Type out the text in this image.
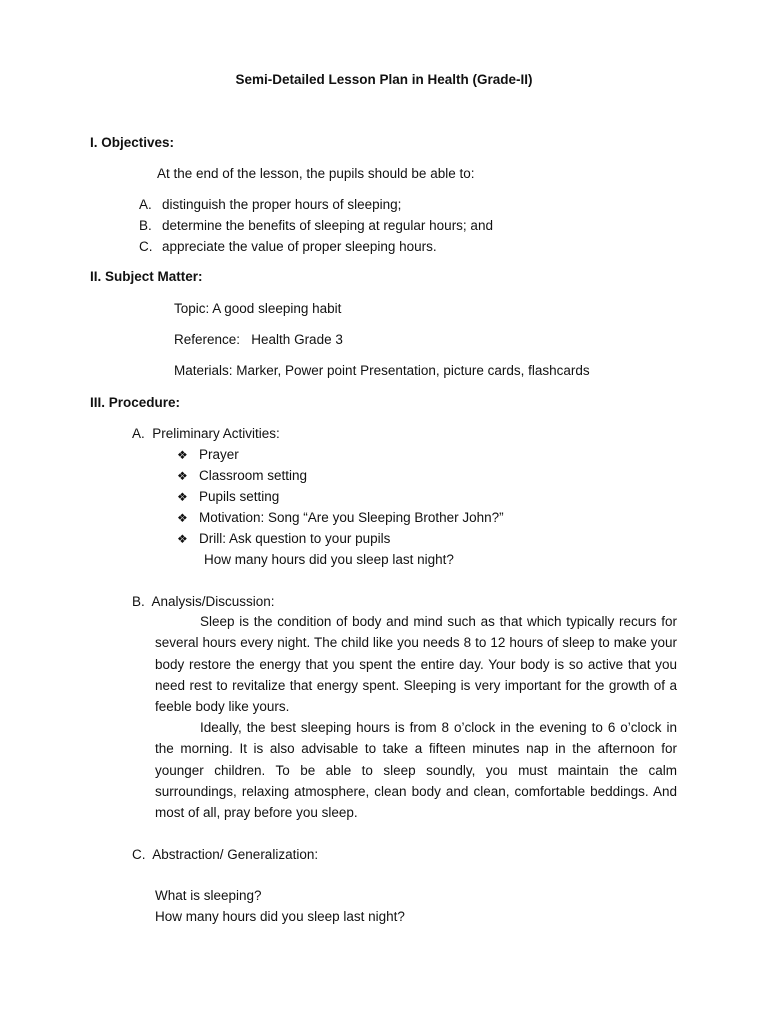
Semi-Detailed Lesson Plan in Health (Grade-II)
I. Objectives:
At the end of the lesson, the pupils should be able to:
A. distinguish the proper hours of sleeping;
B. determine the benefits of sleeping at regular hours; and
C. appreciate the value of proper sleeping hours.
II. Subject Matter:
Topic: A good sleeping habit
Reference:   Health Grade 3
Materials: Marker, Power point Presentation, picture cards, flashcards
III. Procedure:
A.  Preliminary Activities:
❖ Prayer
❖ Classroom setting
❖ Pupils setting
❖ Motivation: Song “Are you Sleeping Brother John?”
❖ Drill: Ask question to your pupils
How many hours did you sleep last night?
B.  Analysis/Discussion:
Sleep is the condition of body and mind such as that which typically recurs for several hours every night. The child like you needs 8 to 12 hours of sleep to make your body restore the energy that you spent the entire day. Your body is so active that you need rest to revitalize that energy spent. Sleeping is very important for the growth of a feeble body like yours.
Ideally, the best sleeping hours is from 8 o’clock in the evening to 6 o’clock in the morning. It is also advisable to take a fifteen minutes nap in the afternoon for younger children. To be able to sleep soundly, you must maintain the calm surroundings, relaxing atmosphere, clean body and clean, comfortable beddings. And most of all, pray before you sleep.
C.  Abstraction/ Generalization:
What is sleeping?
How many hours did you sleep last night?
